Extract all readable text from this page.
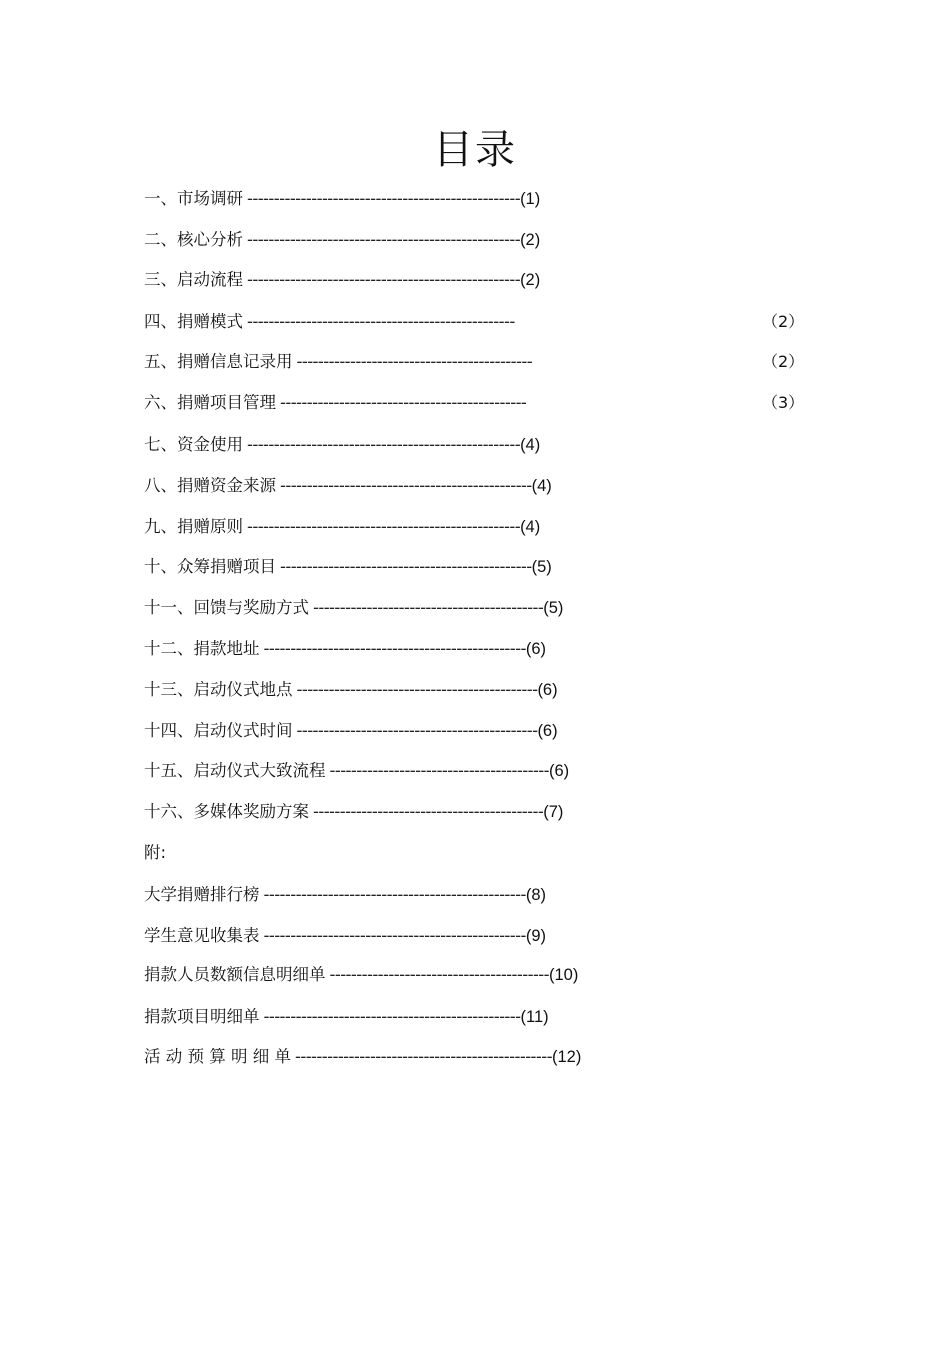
目录
一、市场调研 ---------------------------------------------------(1)
二、核心分析 ---------------------------------------------------(2)
三、启动流程 ---------------------------------------------------(2)
四、捐赠模式 --------------------------------------------------	（2）
五、捐赠信息记录用 --------------------------------------------	（2）
六、捐赠项目管理 ----------------------------------------------	（3）
七、资金使用 ---------------------------------------------------(4)
八、捐赠资金来源 -----------------------------------------------(4)
九、捐赠原则 ---------------------------------------------------(4)
十、众筹捐赠项目 -----------------------------------------------(5)
十一、回馈与奖励方式 -------------------------------------------(5)
十二、捐款地址 -------------------------------------------------(6)
十三、启动仪式地点 ---------------------------------------------(6)
十四、启动仪式时间 ---------------------------------------------(6)
十五、启动仪式大致流程 -----------------------------------------(6)
十六、多媒体奖励方案 -------------------------------------------(7)
附:
大学捐赠排行榜 -------------------------------------------------(8)
学生意见收集表 -------------------------------------------------(9)
捐款人员数额信息明细单 -----------------------------------------(10)
捐款项目明细单 ------------------------------------------------(11)
活 动 预 算 明 细 单 ------------------------------------------------(12)
